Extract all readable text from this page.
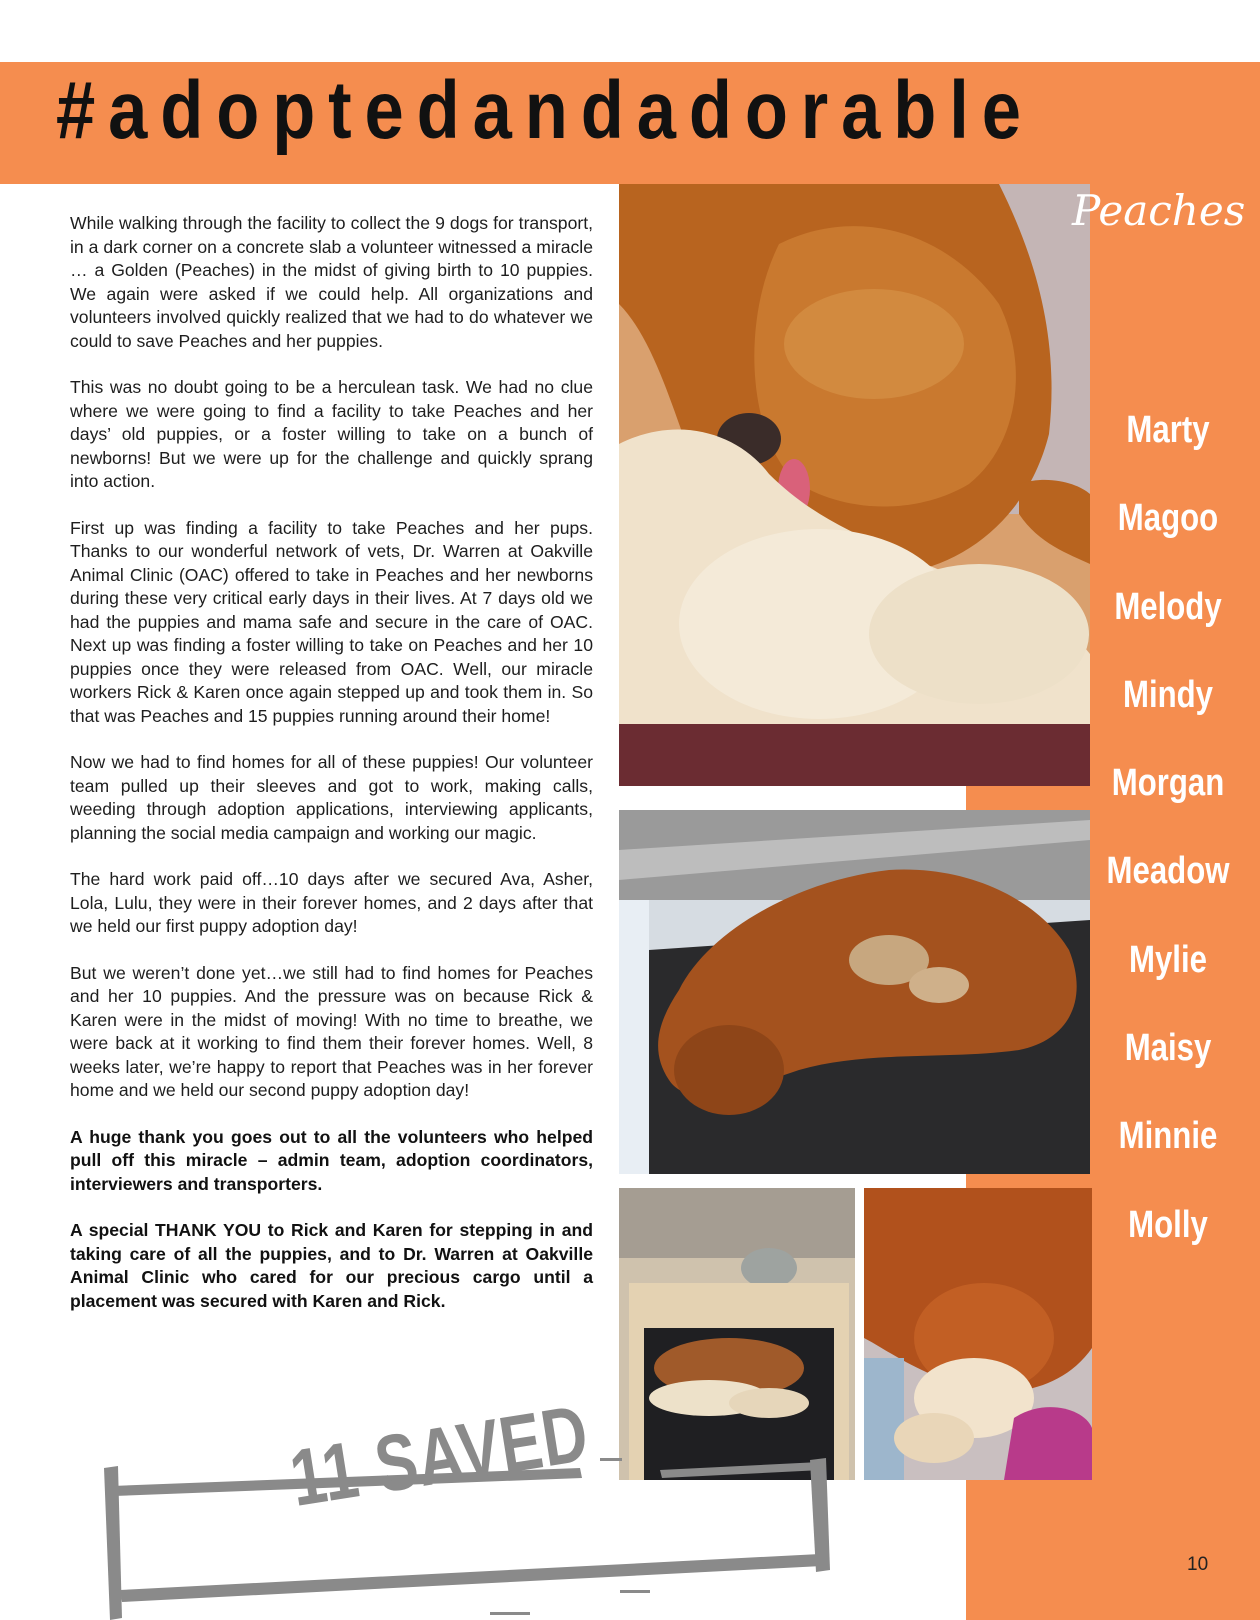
#adoptedandadorable

While walking through the facility to collect the 9 dogs for transport, in a dark corner on a concrete slab a volunteer witnessed a miracle … a Golden (Peaches) in the midst of giving birth to 10 puppies. We again were asked if we could help. All organizations and volunteers involved quickly realized that we had to do whatever we could to save Peaches and her puppies.

This was no doubt going to be a herculean task. We had no clue where we were going to find a facility to take Peaches and her days’ old puppies, or a foster willing to take on a bunch of newborns! But we were up for the challenge and quickly sprang into action.

First up was finding a facility to take Peaches and her pups. Thanks to our wonderful network of vets, Dr. Warren at Oakville Animal Clinic (OAC) offered to take in Peaches and her newborns during these very critical early days in their lives. At 7 days old we had the puppies and mama safe and secure in the care of OAC. Next up was finding a foster willing to take on Peaches and her 10 puppies once they were released from OAC. Well, our miracle workers Rick & Karen once again stepped up and took them in. So that was Peaches and 15 puppies running around their home!

Now we had to find homes for all of these puppies! Our volunteer team pulled up their sleeves and got to work, making calls, weeding through adoption applications, interviewing applicants, planning the social media campaign and working our magic.

The hard work paid off…10 days after we secured Ava, Asher, Lola, Lulu, they were in their forever homes, and 2 days after that we held our first puppy adoption day!

But we weren’t done yet…we still had to find homes for Peaches and her 10 puppies. And the pressure was on because Rick & Karen were in the midst of moving! With no time to breathe, we were back at it working to find them their forever homes. Well, 8 weeks later, we’re happy to report that Peaches was in her forever home and we held our second puppy adoption day!

A huge thank you goes out to all the volunteers who helped pull off this miracle – admin team, adoption coordinators, interviewers and transporters.

A special THANK YOU to Rick and Karen for stepping in and taking care of all the puppies, and to Dr. Warren at Oakville Animal Clinic who cared for our precious cargo until a placement was secured with Karen and Rick.

Peaches
Marty
Magoo
Melody
Mindy
Morgan
Meadow
Mylie
Maisy
Minnie
Molly
11 SAVED
10
